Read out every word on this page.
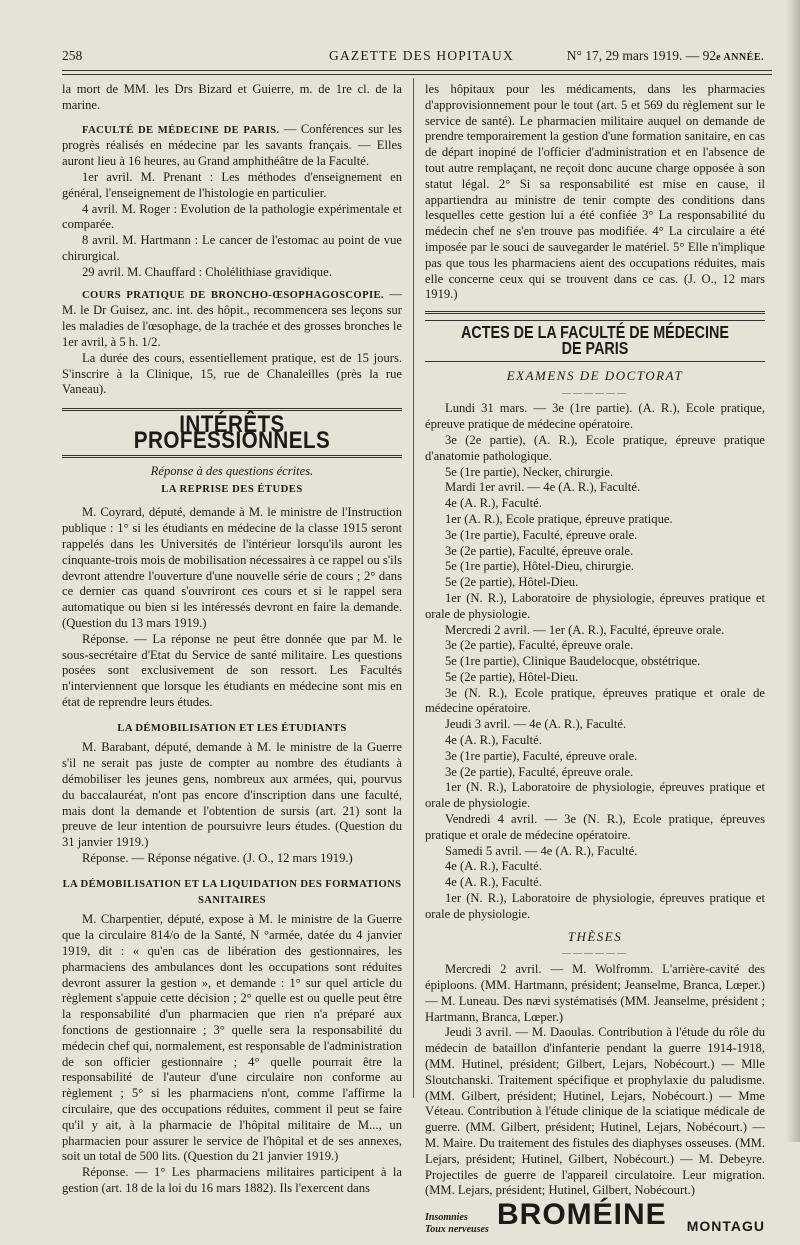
258	GAZETTE DES HOPITAUX	N° 17, 29 mars 1919. — 92e ANNÉE.

la mort de MM. les Drs Bizard et Guierre, m. de 1re cl. de la marine.

FACULTÉ DE MÉDECINE DE PARIS. — Conférences sur les progrès réalisés en médecine par les savants français. — Elles auront lieu à 16 heures, au Grand amphithéâtre de la Faculté.

1er avril. M. Prenant : Les méthodes d'enseignement en général, l'enseignement de l'histologie en particulier.

4 avril. M. Roger : Evolution de la pathologie expérimentale et comparée.

8 avril. M. Hartmann : Le cancer de l'estomac au point de vue chirurgical.

29 avril. M. Chauffard : Cholélithiase gravidique.

COURS PRATIQUE DE BRONCHO-ŒSOPHAGOSCOPIE. — M. le Dr Guisez, anc. int. des hôpit., recommencera ses leçons sur les maladies de l'œsophage, de la trachée et des grosses bronches le 1er avril, à 5 h. 1/2.

La durée des cours, essentiellement pratique, est de 15 jours. S'inscrire à la Clinique, 15, rue de Chanaleilles (près la rue Vaneau).

INTÉRÊTS PROFESSIONNELS
Réponse à des questions écrites.
LA REPRISE DES ÉTUDES

M. Coyrard, député, demande à M. le ministre de l'Instruction publique : 1° si les étudiants en médecine de la classe 1915 seront rappelés dans les Universités de l'intérieur lorsqu'ils auront les cinquante-trois mois de mobilisation nécessaires à ce rappel ou s'ils devront attendre l'ouverture d'une nouvelle série de cours ; 2° dans ce dernier cas quand s'ouvriront ces cours et si le rappel sera automatique ou bien si les intéressés devront en faire la demande. (Question du 13 mars 1919.)

Réponse. — La réponse ne peut être donnée que par M. le sous-secrétaire d'Etat du Service de santé militaire. Les questions posées sont exclusivement de son ressort. Les Facultés n'interviennent que lorsque les étudiants en médecine sont mis en état de reprendre leurs études.

LA DÉMOBILISATION ET LES ÉTUDIANTS

M. Barabant, député, demande à M. le ministre de la Guerre s'il ne serait pas juste de compter au nombre des étudiants à démobiliser les jeunes gens, nombreux aux armées, qui, pourvus du baccalauréat, n'ont pas encore d'inscription dans une faculté, mais dont la demande et l'obtention de sursis (art. 21) sont la preuve de leur intention de poursuivre leurs études. (Question du 31 janvier 1919.)

Réponse. — Réponse négative. (J. O., 12 mars 1919.)

LA DÉMOBILISATION ET LA LIQUIDATION DES FORMATIONS SANITAIRES

M. Charpentier, député, expose à M. le ministre de la Guerre que la circulaire 814/o de la Santé, N °armée, datée du 4 janvier 1919, dit : « qu'en cas de libération des gestionnaires, les pharmaciens des ambulances dont les occupations sont réduites devront assurer la gestion », et demande : 1° sur quel article du règlement s'appuie cette décision ; 2° quelle est ou quelle peut être la responsabilité d'un pharmacien que rien n'a préparé aux fonctions de gestionnaire ; 3° quelle sera la responsabilité du médecin chef qui, normalement, est responsable de l'administration de son officier gestionnaire ; 4° quelle pourrait être la responsabilité de l'auteur d'une circulaire non conforme au règlement ; 5° si les pharmaciens n'ont, comme l'affirme la circulaire, que des occupations réduites, comment il peut se faire qu'il y ait, à la pharmacie de l'hôpital militaire de M..., un pharmacien pour assurer le service de l'hôpital et de ses annexes, soit un total de 500 lits. (Question du 21 janvier 1919.)

Réponse. — 1° Les pharmaciens militaires participent à la gestion (art. 18 de la loi du 16 mars 1882). Ils l'exercent dans

les hôpitaux pour les médicaments, dans les pharmacies d'approvisionnement pour le tout (art. 5 et 569 du règlement sur le service de santé). Le pharmacien militaire auquel on demande de prendre temporairement la gestion d'une formation sanitaire, en cas de départ inopiné de l'officier d'administration et en l'absence de tout autre remplaçant, ne reçoit donc aucune charge opposée à son statut légal. 2° Si sa responsabilité est mise en cause, il appartiendra au ministre de tenir compte des conditions dans lesquelles cette gestion lui a été confiée 3° La responsabilité du médecin chef ne s'en trouve pas modifiée. 4° La circulaire a été imposée par le souci de sauvegarder le matériel. 5° Elle n'implique pas que tous les pharmaciens aient des occupations réduites, mais elle concerne ceux qui se trouvent dans ce cas. (J. O., 12 mars 1919.)

ACTES DE LA FACULTÉ DE MÉDECINE DE PARIS
EXAMENS DE DOCTORAT
——————

Lundi 31 mars. — 3e (1re partie). (A. R.), Ecole pratique, épreuve pratique de médecine opératoire.

3e (2e partie), (A. R.), Ecole pratique, épreuve pratique d'anatomie pathologique.

5e (1re partie), Necker, chirurgie.

Mardi 1er avril. — 4e (A. R.), Faculté.

4e (A. R.), Faculté.

1er (A. R.), Ecole pratique, épreuve pratique.

3e (1re partie), Faculté, épreuve orale.

3e (2e partie), Faculté, épreuve orale.

5e (1re partie), Hôtel-Dieu, chirurgie.

5e (2e partie), Hôtel-Dieu.

1er (N. R.), Laboratoire de physiologie, épreuves pratique et orale de physiologie.

Mercredi 2 avril. — 1er (A. R.), Faculté, épreuve orale.

3e (2e partie), Faculté, épreuve orale.

5e (1re partie), Clinique Baudelocque, obstétrique.

5e (2e partie), Hôtel-Dieu.

3e (N. R.), Ecole pratique, épreuves pratique et orale de médecine opératoire.

Jeudi 3 avril. — 4e (A. R.), Faculté.

4e (A. R.), Faculté.

3e (1re partie), Faculté, épreuve orale.

3e (2e partie), Faculté, épreuve orale.

1er (N. R.), Laboratoire de physiologie, épreuves pratique et orale de physiologie.

Vendredi 4 avril. — 3e (N. R.), Ecole pratique, épreuves pratique et orale de médecine opératoire.

Samedi 5 avril. — 4e (A. R.), Faculté.

4e (A. R.), Faculté.

4e (A. R.), Faculté.

1er (N. R.), Laboratoire de physiologie, épreuves pratique et orale de physiologie.

THÈSES
——————

Mercredi 2 avril. — M. Wolfromm. L'arrière-cavité des épiploons. (MM. Hartmann, président; Jeanselme, Branca, Lœper.) — M. Luneau. Des nævi systématisés (MM. Jeanselme, président ; Hartmann, Branca, Lœper.)

Jeudi 3 avril. — M. Daoulas. Contribution à l'étude du rôle du médecin de bataillon d'infanterie pendant la guerre 1914-1918, (MM. Hutinel, président; Gilbert, Lejars, Nobécourt.) — Mlle Sloutchanski. Traitement spécifique et prophylaxie du paludisme. (MM. Gilbert, président; Hutinel, Lejars, Nobécourt.) — Mme Véteau. Contribution à l'étude clinique de la sciatique médicale de guerre. (MM. Gilbert, président; Hutinel, Lejars, Nobécourt.) — M. Maire. Du traitement des fistules des diaphyses osseuses. (MM. Lejars, président; Hutinel, Gilbert, Nobécourt.) — M. Debeyre. Projectiles de guerre de l'appareil circulatoire. Leur migration. (MM. Lejars, président; Hutinel, Gilbert, Nobécourt.)

Insomnies
Toux nerveuses BROMÉINE MONTAGU
